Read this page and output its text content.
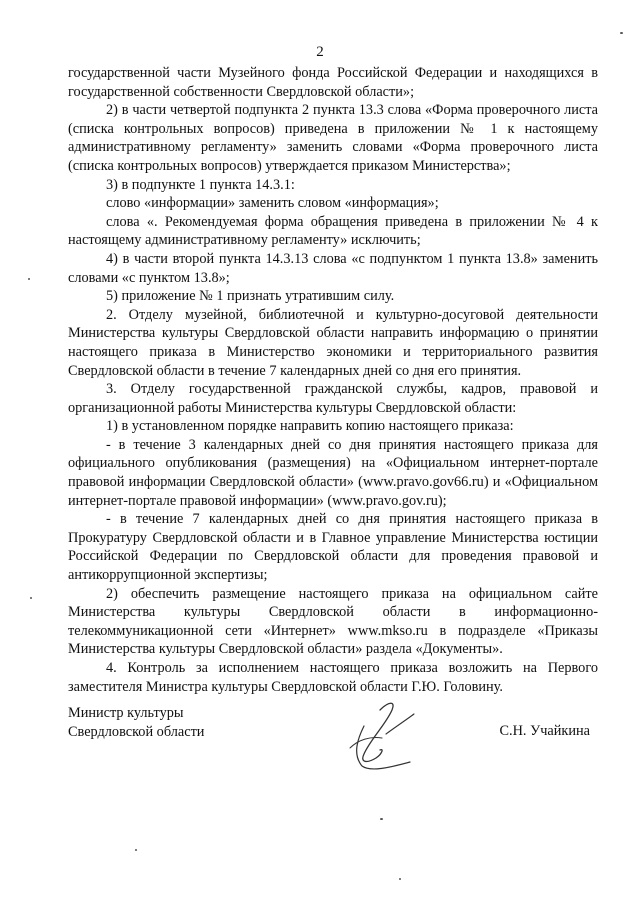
2

государственной части Музейного фонда Российской Федерации и находящихся в государственной собственности Свердловской области»;

2) в части четвертой подпункта 2 пункта 13.3 слова «Форма проверочного листа (списка контрольных вопросов) приведена в приложении № 1 к настоящему административному регламенту» заменить словами «Форма проверочного листа (списка контрольных вопросов) утверждается приказом Министерства»;

3) в подпункте 1 пункта 14.3.1:

слово «информации» заменить словом «информация»;

слова «. Рекомендуемая форма обращения приведена в приложении № 4 к настоящему административному регламенту» исключить;

4) в части второй пункта 14.3.13 слова «с подпунктом 1 пункта 13.8» заменить словами «с пунктом 13.8»;

5) приложение № 1 признать утратившим силу.

2. Отделу музейной, библиотечной и культурно-досуговой деятельности Министерства культуры Свердловской области направить информацию о принятии настоящего приказа в Министерство экономики и территориального развития Свердловской области в течение 7 календарных дней со дня его принятия.

3. Отделу государственной гражданской службы, кадров, правовой и организационной работы Министерства культуры Свердловской области:

1) в установленном порядке направить копию настоящего приказа:

- в течение 3 календарных дней со дня принятия настоящего приказа для официального опубликования (размещения) на «Официальном интернет-портале правовой информации Свердловской области» (www.pravo.gov66.ru) и «Официальном интернет-портале правовой информации» (www.pravo.gov.ru);

- в течение 7 календарных дней со дня принятия настоящего приказа в Прокуратуру Свердловской области и в Главное управление Министерства юстиции Российской Федерации по Свердловской области для проведения правовой и антикоррупционной экспертизы;

2) обеспечить размещение настоящего приказа на официальном сайте Министерства культуры Свердловской области в информационно-телекоммуникационной сети «Интернет» www.mkso.ru в подразделе «Приказы Министерства культуры Свердловской области» раздела «Документы».

4. Контроль за исполнением настоящего приказа возложить на Первого заместителя Министра культуры Свердловской области Г.Ю. Головину.

Министр культуры
Свердловской области	С.Н. Учайкина
